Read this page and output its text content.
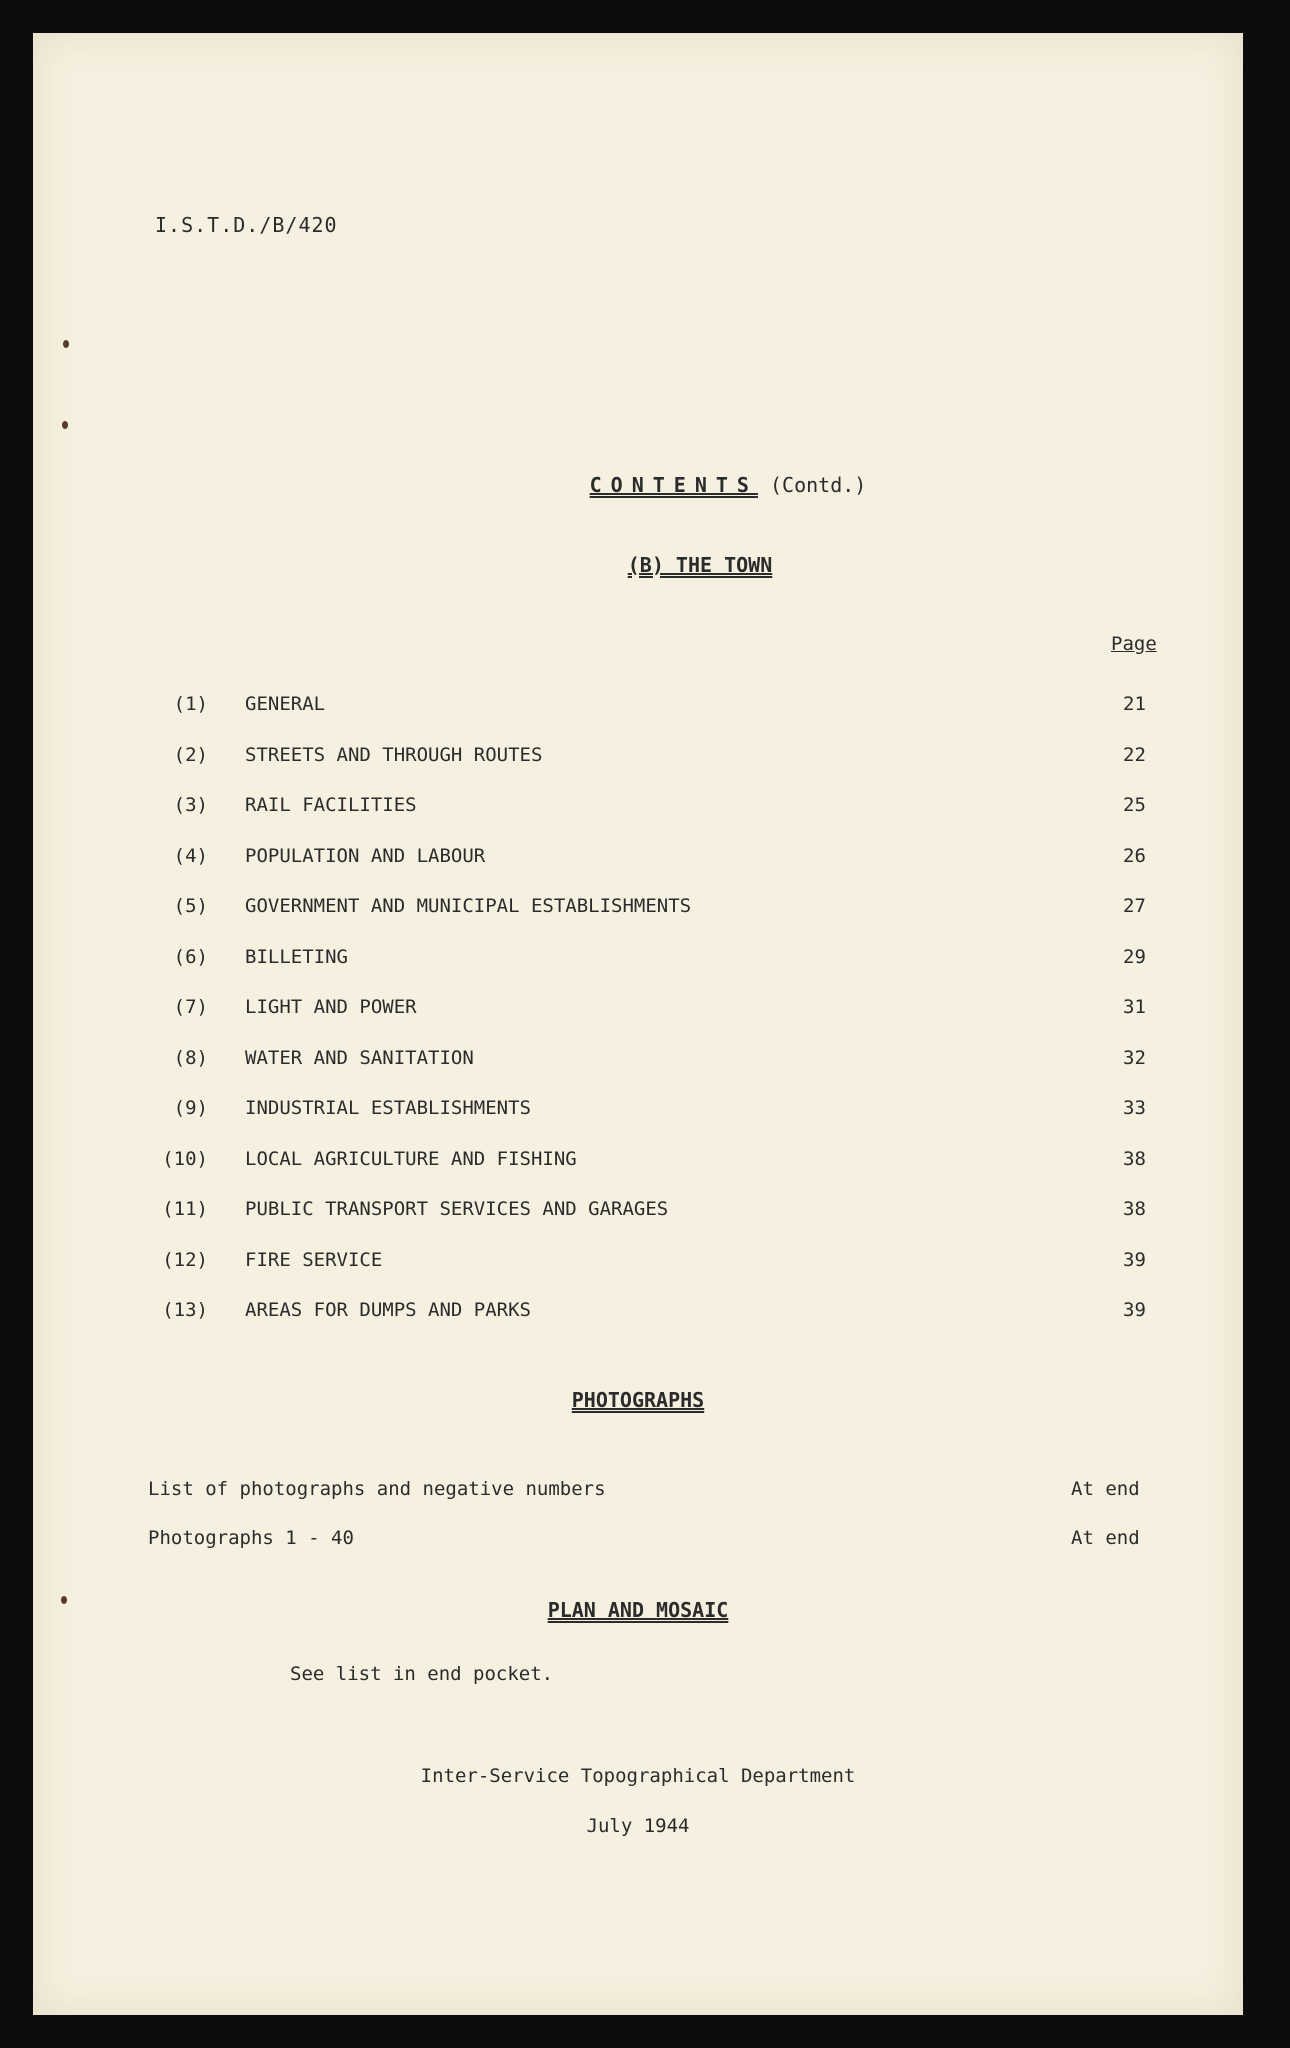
I.S.T.D./B/420
CONTENTS (Contd.)
(B) THE TOWN
Page
(1) GENERAL	21
(2) STREETS AND THROUGH ROUTES	22
(3) RAIL FACILITIES	25
(4) POPULATION AND LABOUR	26
(5) GOVERNMENT AND MUNICIPAL ESTABLISHMENTS	27
(6) BILLETING	29
(7) LIGHT AND POWER	31
(8) WATER AND SANITATION	32
(9) INDUSTRIAL ESTABLISHMENTS	33
(10) LOCAL AGRICULTURE AND FISHING	38
(11) PUBLIC TRANSPORT SERVICES AND GARAGES	38
(12) FIRE SERVICE	39
(13) AREAS FOR DUMPS AND PARKS	39
PHOTOGRAPHS
List of photographs and negative numbers	At end
Photographs 1 - 40	At end
PLAN AND MOSAIC
See list in end pocket.
Inter-Service Topographical Department
July 1944
